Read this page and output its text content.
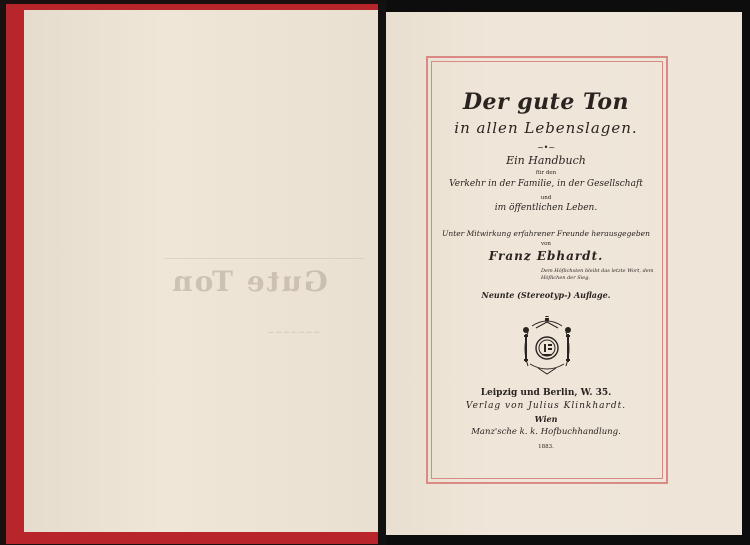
Gute Ton
~~~~~~~
Der gute Ton
in allen Lebenslagen.
~•~
Ein Handbuch
für den
Verkehr in der Familie, in der Gesellschaft
und
im öffentlichen Leben.
Unter Mitwirkung erfahrener Freunde herausgegeben
von
Franz Ebhardt.
Dem Höflichsten bleibt das letzte Wort, dem Höflichen der Sieg.
Neunte (Stereotyp-) Auflage.
Leipzig und Berlin, W. 35.
Verlag von Julius Klinkhardt.
Wien
Manz'sche k. k. Hofbuchhandlung.
1883.
